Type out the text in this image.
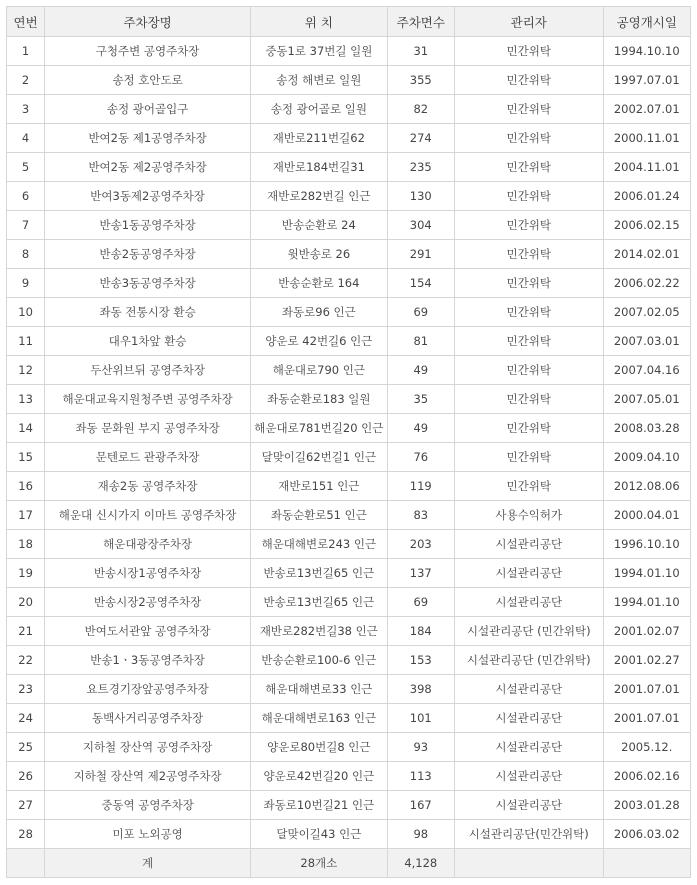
연번	주차장명	위 치	주차면수	관리자	공영개시일
1	구청주변 공영주차장	중동1로 37번길 일원	31	민간위탁	1994.10.10
2	송정 호안도로	송정 해변로 일원	355	민간위탁	1997.07.01
3	송정 광어골입구	송정 광어골로 일원	82	민간위탁	2002.07.01
4	반여2동 제1공영주차장	재반로211번길62	274	민간위탁	2000.11.01
5	반여2동 제2공영주차장	재반로184번길31	235	민간위탁	2004.11.01
6	반여3동제2공영주차장	재반로282번길 인근	130	민간위탁	2006.01.24
7	반송1동공영주차장	반송순환로 24	304	민간위탁	2006.02.15
8	반송2동공영주차장	윗반송로 26	291	민간위탁	2014.02.01
9	반송3동공영주차장	반송순환로 164	154	민간위탁	2006.02.22
10	좌동 전통시장 환승	좌동로96 인근	69	민간위탁	2007.02.05
11	대우1차앞 환승	양운로 42번길6 인근	81	민간위탁	2007.03.01
12	두산위브뒤 공영주차장	해운대로790 인근	49	민간위탁	2007.04.16
13	해운대교육지원청주변 공영주차장	좌동순환로183 일원	35	민간위탁	2007.05.01
14	좌동 문화원 부지 공영주차장	해운대로781번길20 인근	49	민간위탁	2008.03.28
15	문텐로드 관광주차장	달맞이길62번길1 인근	76	민간위탁	2009.04.10
16	재송2동 공영주차장	재반로151 인근	119	민간위탁	2012.08.06
17	해운대 신시가지 이마트 공영주차장	좌동순환로51 인근	83	사용수익허가	2000.04.01
18	해운대광장주차장	해운대해변로243 인근	203	시설관리공단	1996.10.10
19	반송시장1공영주차장	반송로13번길65 인근	137	시설관리공단	1994.01.10
20	반송시장2공영주차장	반송로13번길65 인근	69	시설관리공단	1994.01.10
21	반여도서관앞 공영주차장	재반로282번길38 인근	184	시설관리공단 (민간위탁)	2001.02.07
22	반송1ㆍ3동공영주차장	반송순환로100-6 인근	153	시설관리공단 (민간위탁)	2001.02.27
23	요트경기장앞공영주차장	해운대해변로33 인근	398	시설관리공단	2001.07.01
24	동백사거리공영주차장	해운대해변로163 인근	101	시설관리공단	2001.07.01
25	지하철 장산역 공영주차장	양운로80번길8 인근	93	시설관리공단	2005.12.
26	지하철 장산역 제2공영주차장	양운로42번길20 인근	113	시설관리공단	2006.02.16
27	중동역 공영주차장	좌동로10번길21 인근	167	시설관리공단	2003.01.28
28	미포 노외공영	달맞이길43 인근	98	시설관리공단(민간위탁)	2006.03.02
	계	28개소	4,128		
